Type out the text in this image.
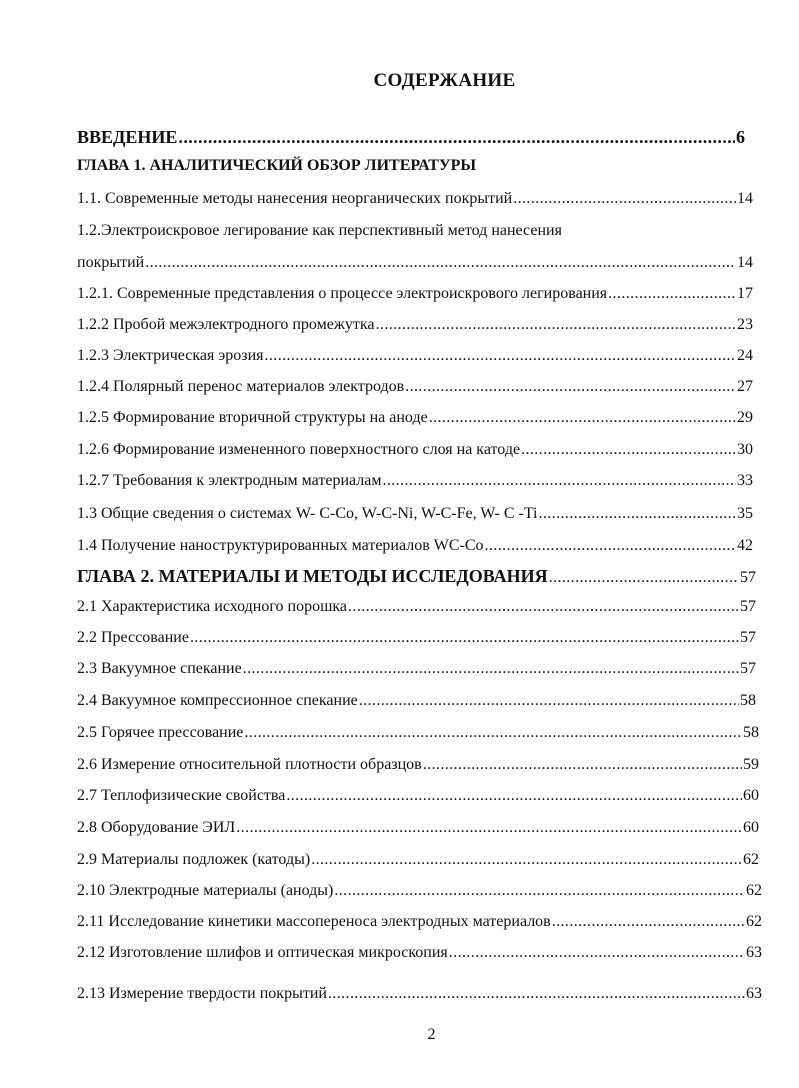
СОДЕРЖАНИЕ
ВВЕДЕНИЕ .....	6
ГЛАВА 1. АНАЛИТИЧЕСКИЙ ОБЗОР ЛИТЕРАТУРЫ
1.1. Современные методы нанесения неорганических покрытий .....	14
1.2.Электроискровое легирование как перспективный метод нанесения
покрытий .....	14
1.2.1. Современные представления о процессе электроискрового легирования .....	17
1.2.2 Пробой межэлектродного промежутка .....	23
1.2.3 Электрическая эрозия .....	24
1.2.4 Полярный перенос материалов электродов .....	27
1.2.5 Формирование вторичной структуры на аноде .....	29
1.2.6 Формирование измененного поверхностного слоя на катоде .....	30
1.2.7 Требования к электродным материалам .....	33
1.3 Общие сведения о системах W- C-Co, W-C-Ni, W-C-Fe, W- C -Ti .....	35
1.4 Получение наноструктурированных материалов WC-Co .....	42
ГЛАВА 2. МАТЕРИАЛЫ И МЕТОДЫ ИССЛЕДОВАНИЯ .....	57
2.1 Характеристика исходного порошка .....	57
2.2 Прессование .....	57
2.3 Вакуумное спекание .....	57
2.4 Вакуумное компрессионное спекание .....	58
2.5 Горячее прессование .....	58
2.6 Измерение относительной плотности образцов .....	59
2.7 Теплофизические свойства .....	60
2.8 Оборудование ЭИЛ .....	60
2.9 Материалы подложек (катоды) .....	62
2.10 Электродные материалы (аноды) .....	62
2.11 Исследование кинетики массопереноса электродных материалов .....	62
2.12 Изготовление шлифов и оптическая микроскопия .....	63
2.13 Измерение твердости покрытий .....	63
2
